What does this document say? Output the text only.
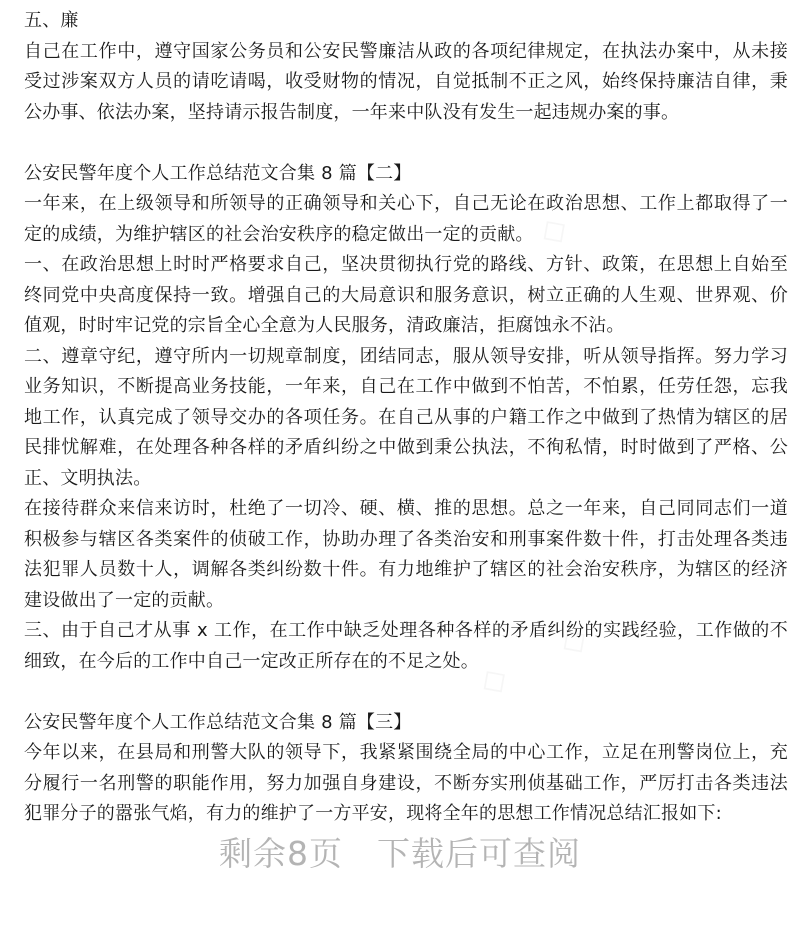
五、廉

自己在工作中，遵守国家公务员和公安民警廉洁从政的各项纪律规定，在执法办案中，从未接受过涉案双方人员的请吃请喝，收受财物的情况，自觉抵制不正之风，始终保持廉洁自律，秉公办事、依法办案，坚持请示报告制度，一年来中队没有发生一起违规办案的事。

公安民警年度个人工作总结范文合集 8 篇【二】

一年来，在上级领导和所领导的正确领导和关心下，自己无论在政治思想、工作上都取得了一定的成绩，为维护辖区的社会治安秩序的稳定做出一定的贡献。

一、在政治思想上时时严格要求自己，坚决贯彻执行党的路线、方针、政策，在思想上自始至终同党中央高度保持一致。增强自己的大局意识和服务意识，树立正确的人生观、世界观、价值观，时时牢记党的宗旨全心全意为人民服务，清政廉洁，拒腐蚀永不沾。

二、遵章守纪，遵守所内一切规章制度，团结同志，服从领导安排，听从领导指挥。努力学习业务知识，不断提高业务技能，一年来，自己在工作中做到不怕苦，不怕累，任劳任怨，忘我地工作，认真完成了领导交办的各项任务。在自己从事的户籍工作之中做到了热情为辖区的居民排忧解难，在处理各种各样的矛盾纠纷之中做到秉公执法，不徇私情，时时做到了严格、公正、文明执法。

在接待群众来信来访时，杜绝了一切冷、硬、横、推的思想。总之一年来，自己同同志们一道积极参与辖区各类案件的侦破工作，协助办理了各类治安和刑事案件数十件，打击处理各类违法犯罪人员数十人，调解各类纠纷数十件。有力地维护了辖区的社会治安秩序，为辖区的经济建设做出了一定的贡献。

三、由于自己才从事 x 工作，在工作中缺乏处理各种各样的矛盾纠纷的实践经验，工作做的不细致，在今后的工作中自己一定改正所存在的不足之处。

公安民警年度个人工作总结范文合集 8 篇【三】

今年以来，在县局和刑警大队的领导下，我紧紧围绕全局的中心工作，立足在刑警岗位上，充分履行一名刑警的职能作用，努力加强自身建设，不断夯实刑侦基础工作，严厉打击各类违法犯罪分子的嚣张气焰，有力的维护了一方平安，现将全年的思想工作情况总结汇报如下:

剩余8页 下载后可查阅
